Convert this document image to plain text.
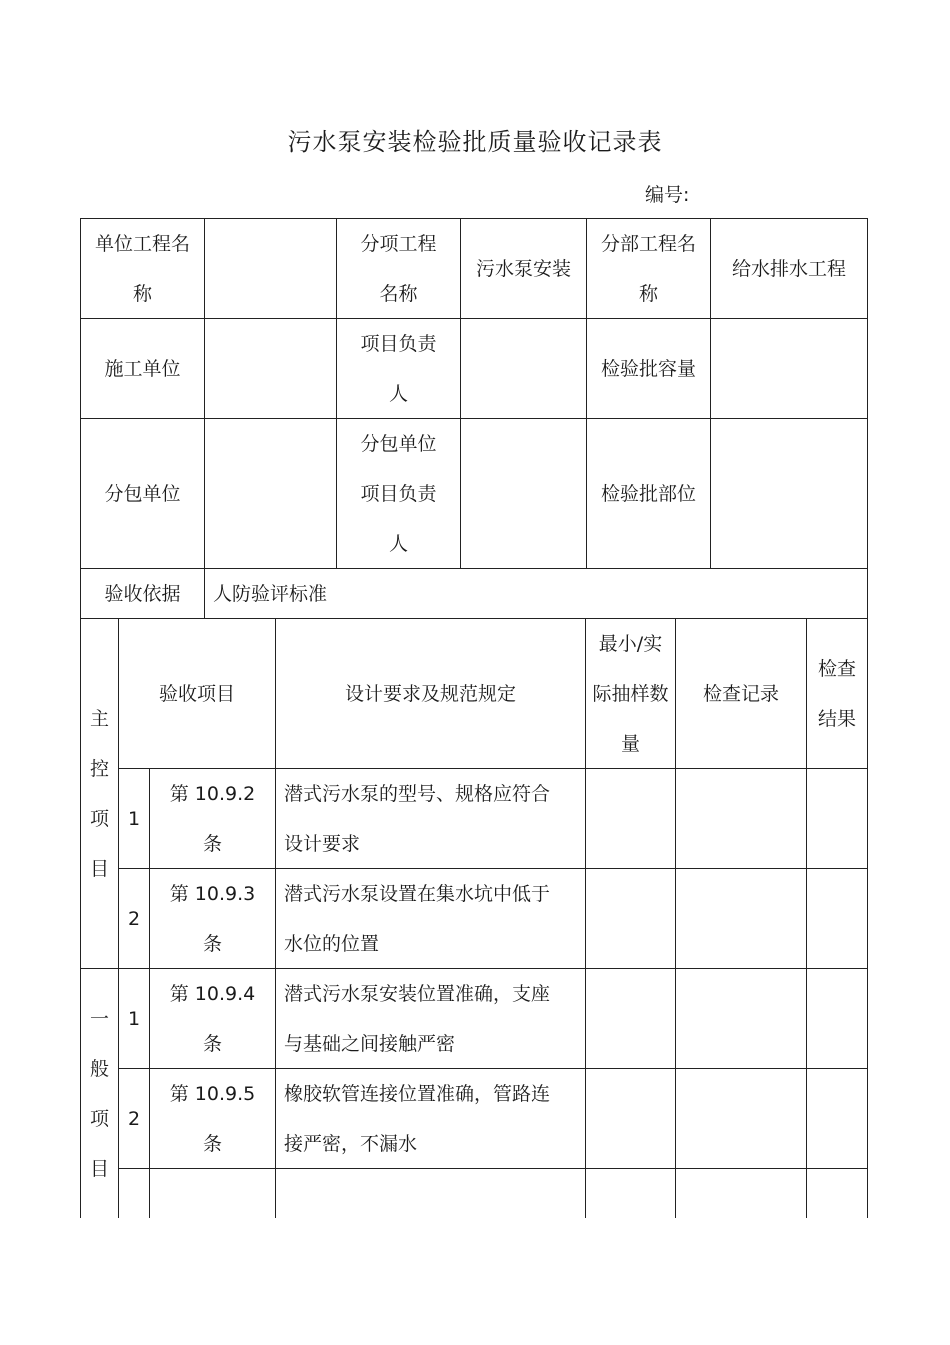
污水泵安装检验批质量验收记录表
编号:
单位工程名称
分项工程名称
污水泵安装
分部工程名称
给水排水工程
施工单位
项目负责人
检验批容量
分包单位
分包单位项目负责人
检验批部位
验收依据	人防验评标准
验收项目	设计要求及规范规定
最小/实际抽样数量
检查记录
检查结果
主控项目
一般项目
1
第 10.9.2 条
潜式污水泵的型号、规格应符合设计要求
2
第 10.9.3 条
潜式污水泵设置在集水坑中低于水位的位置
1
第 10.9.4 条
潜式污水泵安装位置准确，支座与基础之间接触严密
2
第 10.9.5 条
橡胶软管连接位置准确，管路连接严密，不漏水
